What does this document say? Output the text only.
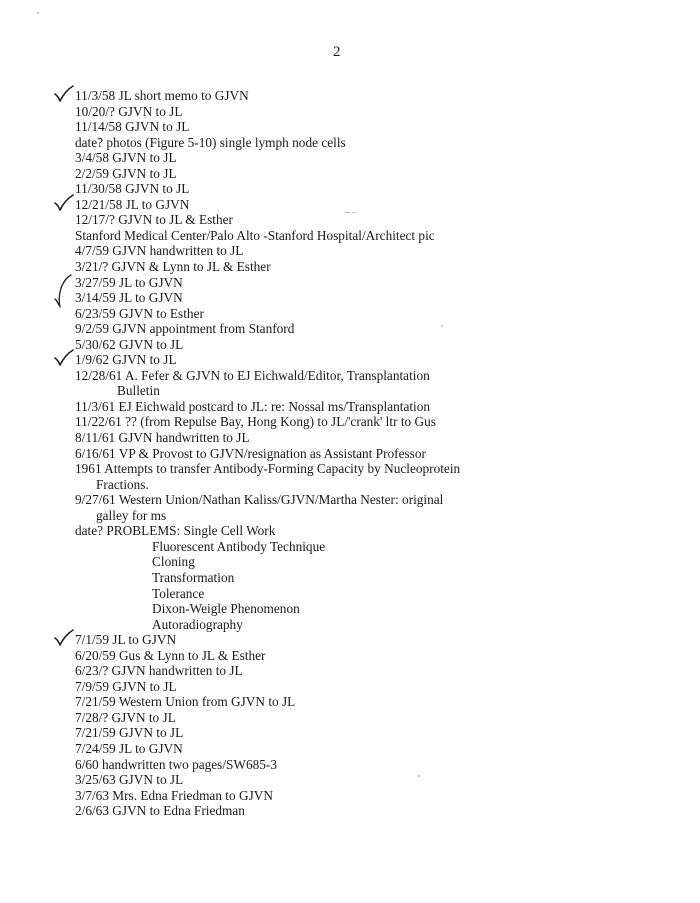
2
11/3/58 JL short memo to GJVN
10/20/? GJVN to JL
11/14/58 GJVN to JL
date? photos (Figure 5-10) single lymph node cells
3/4/58 GJVN to JL
2/2/59 GJVN to JL
11/30/58 GJVN to JL
12/21/58 JL to GJVN
12/17/? GJVN to JL & Esther
Stanford Medical Center/Palo Alto -Stanford Hospital/Architect pic
4/7/59 GJVN handwritten to JL
3/21/? GJVN & Lynn to JL & Esther
3/27/59 JL to GJVN
3/14/59 JL to GJVN
6/23/59 GJVN to Esther
9/2/59 GJVN appointment from Stanford
5/30/62 GJVN to JL
1/9/62 GJVN to JL
12/28/61 A. Fefer & GJVN to EJ Eichwald/Editor, Transplantation
Bulletin
11/3/61 EJ Eichwald postcard to JL: re: Nossal ms/Transplantation
11/22/61 ?? (from Repulse Bay, Hong Kong) to JL/'crank' ltr to Gus
8/11/61 GJVN handwritten to JL
6/16/61 VP & Provost to GJVN/resignation as Assistant Professor
1961 Attempts to transfer Antibody-Forming Capacity by Nucleoprotein
Fractions.
9/27/61 Western Union/Nathan Kaliss/GJVN/Martha Nester: original
galley for ms
date? PROBLEMS: Single Cell Work
Fluorescent Antibody Technique
Cloning
Transformation
Tolerance
Dixon-Weigle Phenomenon
Autoradiography
7/1/59 JL to GJVN
6/20/59 Gus & Lynn to JL & Esther
6/23/? GJVN handwritten to JL
7/9/59 GJVN to JL
7/21/59 Western Union from GJVN to JL
7/28/? GJVN to JL
7/21/59 GJVN to JL
7/24/59 JL to GJVN
6/60 handwritten two pages/SW685-3
3/25/63 GJVN to JL
3/7/63 Mrs. Edna Friedman to GJVN
2/6/63 GJVN to Edna Friedman
